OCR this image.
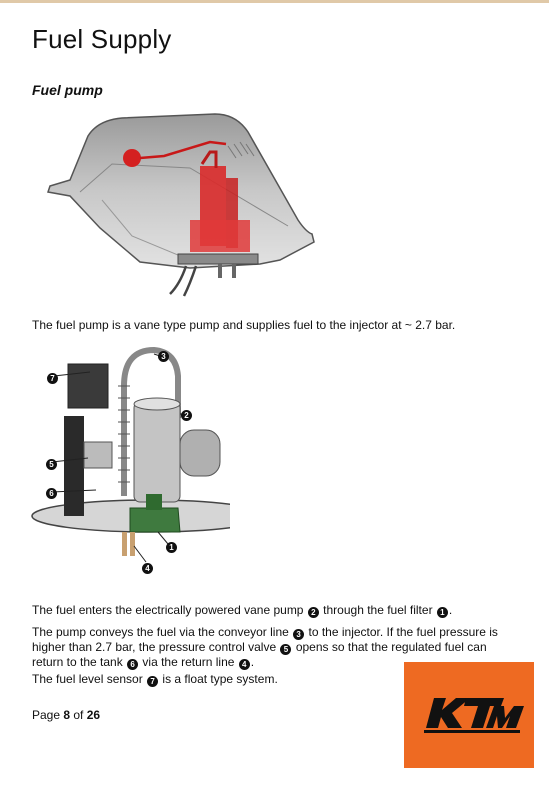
Fuel Supply
Fuel pump
The fuel pump is a vane type pump and supplies fuel to the injector at ~ 2.7 bar.
7
3
2
5
6
1
4
The fuel enters the electrically powered vane pump 2 through the fuel filter 1 .
The pump conveys the fuel via the conveyor line 3 to the injector. If the fuel pressure is higher than 2.7 bar, the pressure control valve 5 opens so that the regulated fuel can return to the tank 6 via the return line 4 .
The fuel level sensor 7 is a float type system.
Page 8 of 26
